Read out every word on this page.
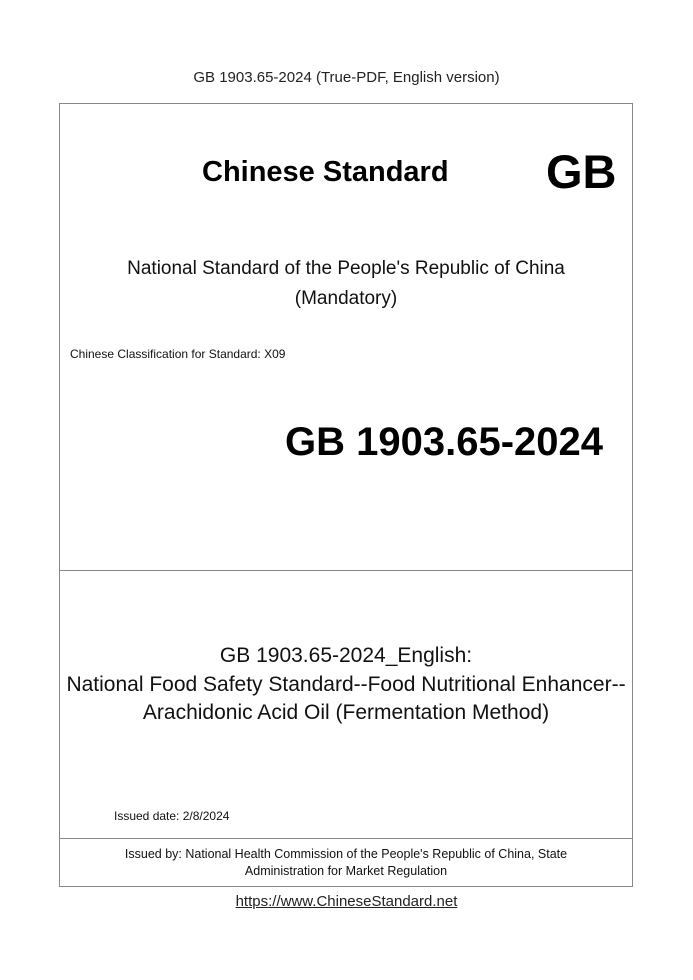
GB 1903.65-2024 (True-PDF, English version)
Chinese Standard GB
National Standard of the People's Republic of China
(Mandatory)
Chinese Classification for Standard: X09
GB 1903.65-2024
GB 1903.65-2024_English:
National Food Safety Standard--Food Nutritional Enhancer--
Arachidonic Acid Oil (Fermentation Method)
Issued date: 2/8/2024
Issued by: National Health Commission of the People's Republic of China, State
Administration for Market Regulation
https://www.ChineseStandard.net
